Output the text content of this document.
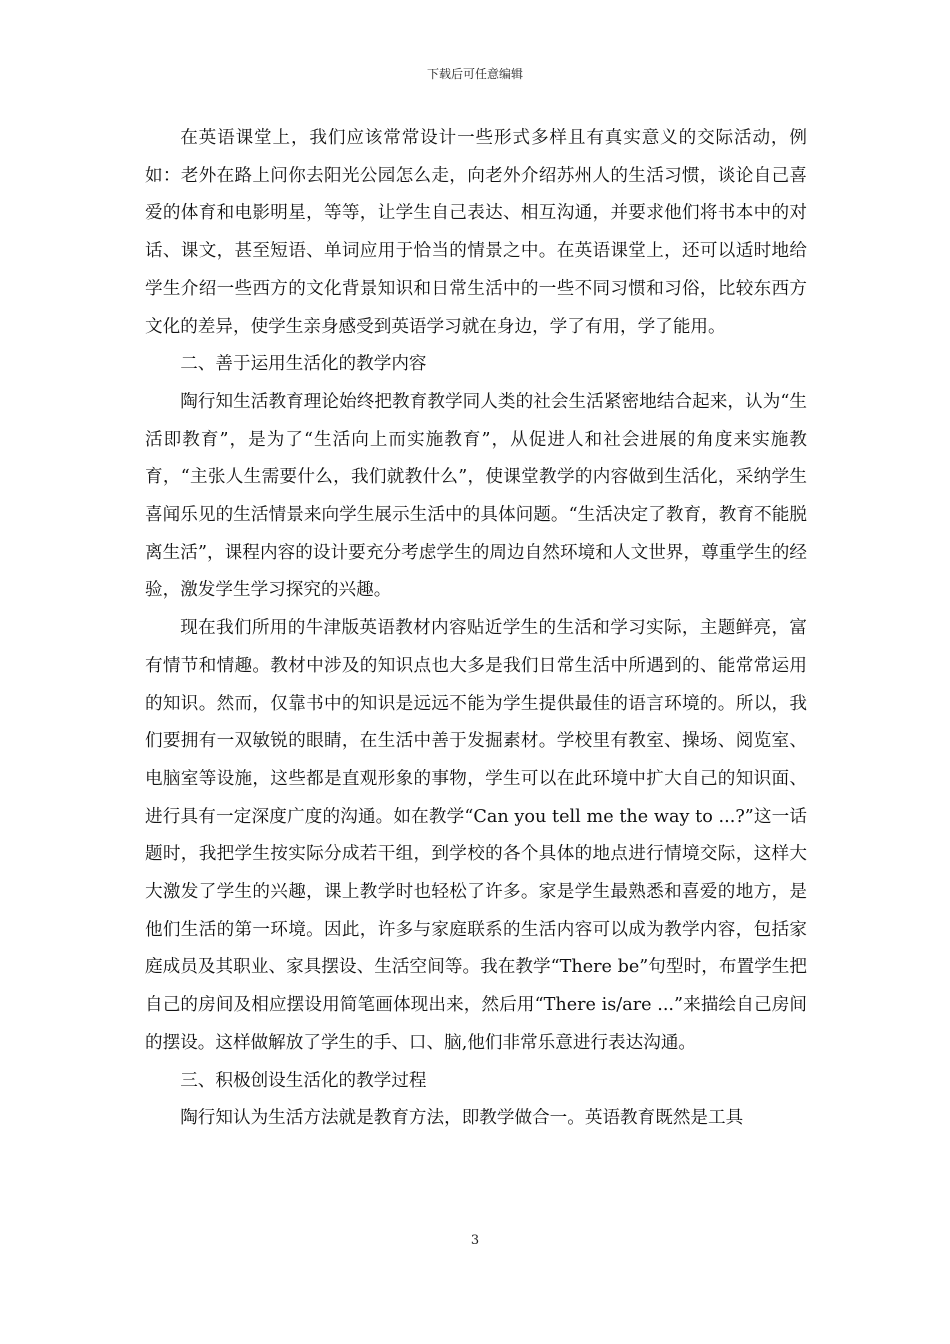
下载后可任意编辑

在英语课堂上，我们应该常常设计一些形式多样且有真实意义的交际活动，例如：老外在路上问你去阳光公园怎么走，向老外介绍苏州人的生活习惯，谈论自己喜爱的体育和电影明星，等等，让学生自己表达、相互沟通，并要求他们将书本中的对话、课文，甚至短语、单词应用于恰当的情景之中。在英语课堂上，还可以适时地给学生介绍一些西方的文化背景知识和日常生活中的一些不同习惯和习俗，比较东西方文化的差异，使学生亲身感受到英语学习就在身边，学了有用，学了能用。

二、善于运用生活化的教学内容

陶行知生活教育理论始终把教育教学同人类的社会生活紧密地结合起来，认为“生活即教育”，是为了“生活向上而实施教育”，从促进人和社会进展的角度来实施教育，“主张人生需要什么，我们就教什么”，使课堂教学的内容做到生活化，采纳学生喜闻乐见的生活情景来向学生展示生活中的具体问题。“生活决定了教育，教育不能脱离生活”，课程内容的设计要充分考虑学生的周边自然环境和人文世界，尊重学生的经验，激发学生学习探究的兴趣。

现在我们所用的牛津版英语教材内容贴近学生的生活和学习实际，主题鲜亮，富有情节和情趣。教材中涉及的知识点也大多是我们日常生活中所遇到的、能常常运用的知识。然而，仅靠书中的知识是远远不能为学生提供最佳的语言环境的。所以，我们要拥有一双敏锐的眼睛，在生活中善于发掘素材。学校里有教室、操场、阅览室、电脑室等设施，这些都是直观形象的事物，学生可以在此环境中扩大自己的知识面、进行具有一定深度广度的沟通。如在教学“Can you tell me the way to ...?”这一话题时，我把学生按实际分成若干组，到学校的各个具体的地点进行情境交际，这样大大激发了学生的兴趣，课上教学时也轻松了许多。家是学生最熟悉和喜爱的地方，是他们生活的第一环境。因此，许多与家庭联系的生活内容可以成为教学内容，包括家庭成员及其职业、家具摆设、生活空间等。我在教学“There be”句型时，布置学生把自己的房间及相应摆设用简笔画体现出来，然后用“There is/are ...”来描绘自己房间的摆设。这样做解放了学生的手、口、脑,他们非常乐意进行表达沟通。

三、积极创设生活化的教学过程

陶行知认为生活方法就是教育方法，即教学做合一。英语教育既然是工具

3
